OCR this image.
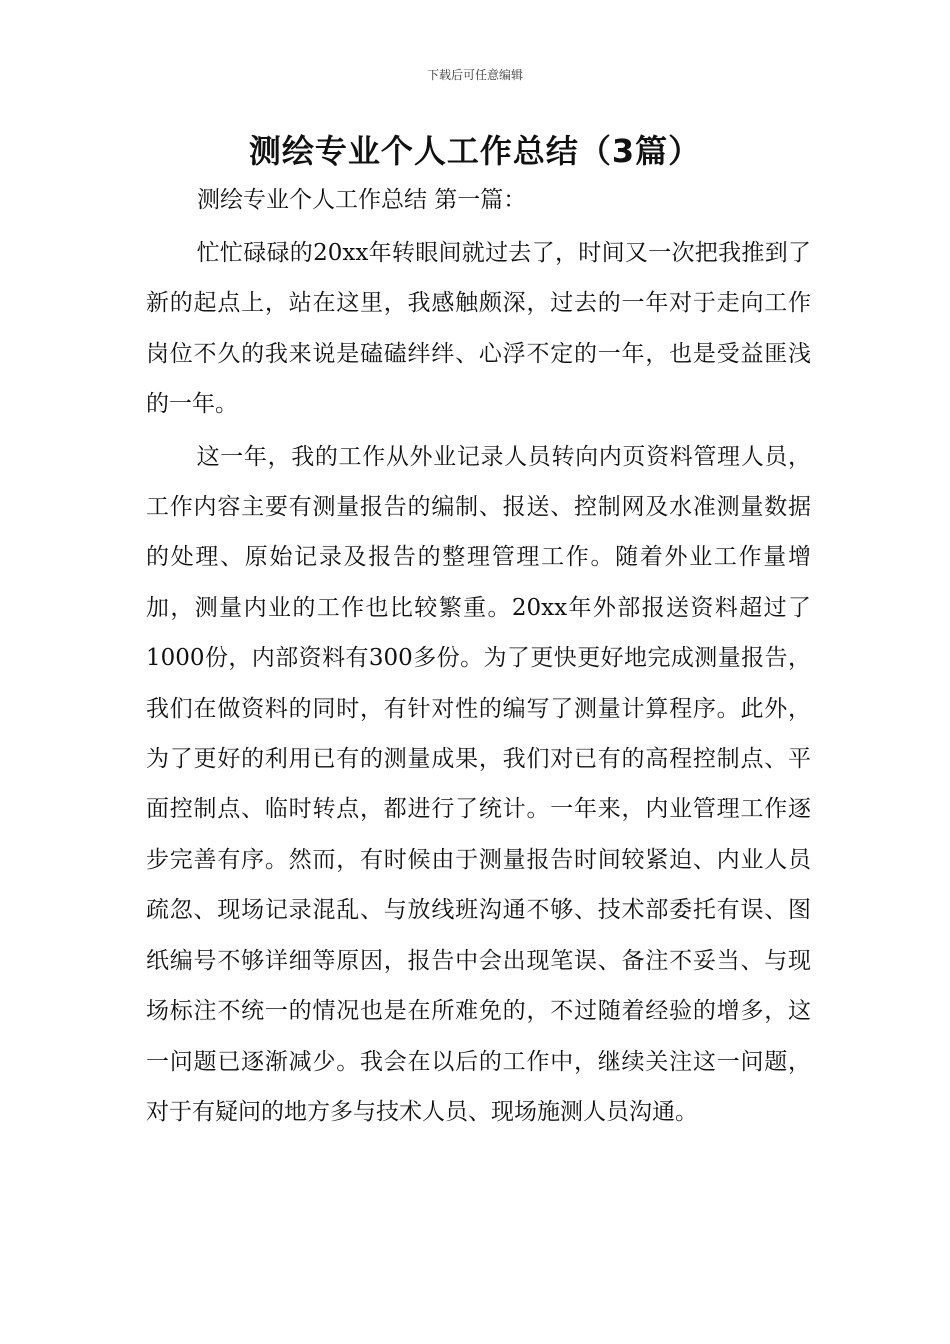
下载后可任意编辑
测绘专业个人工作总结（3篇）

测绘专业个人工作总结 第一篇：

忙忙碌碌的20xx年转眼间就过去了，时间又一次把我推到了新的起点上，站在这里，我感触颇深，过去的一年对于走向工作岗位不久的我来说是磕磕绊绊、心浮不定的一年，也是受益匪浅的一年。

这一年，我的工作从外业记录人员转向内页资料管理人员，工作内容主要有测量报告的编制、报送、控制网及水准测量数据的处理、原始记录及报告的整理管理工作。随着外业工作量增加，测量内业的工作也比较繁重。20xx年外部报送资料超过了1000份，内部资料有300多份。为了更快更好地完成测量报告，我们在做资料的同时，有针对性的编写了测量计算程序。此外，为了更好的利用已有的测量成果，我们对已有的高程控制点、平面控制点、临时转点，都进行了统计。一年来，内业管理工作逐步完善有序。然而，有时候由于测量报告时间较紧迫、内业人员疏忽、现场记录混乱、与放线班沟通不够、技术部委托有误、图纸编号不够详细等原因，报告中会出现笔误、备注不妥当、与现场标注不统一的情况也是在所难免的，不过随着经验的增多，这一问题已逐渐减少。我会在以后的工作中，继续关注这一问题，对于有疑问的地方多与技术人员、现场施测人员沟通。
